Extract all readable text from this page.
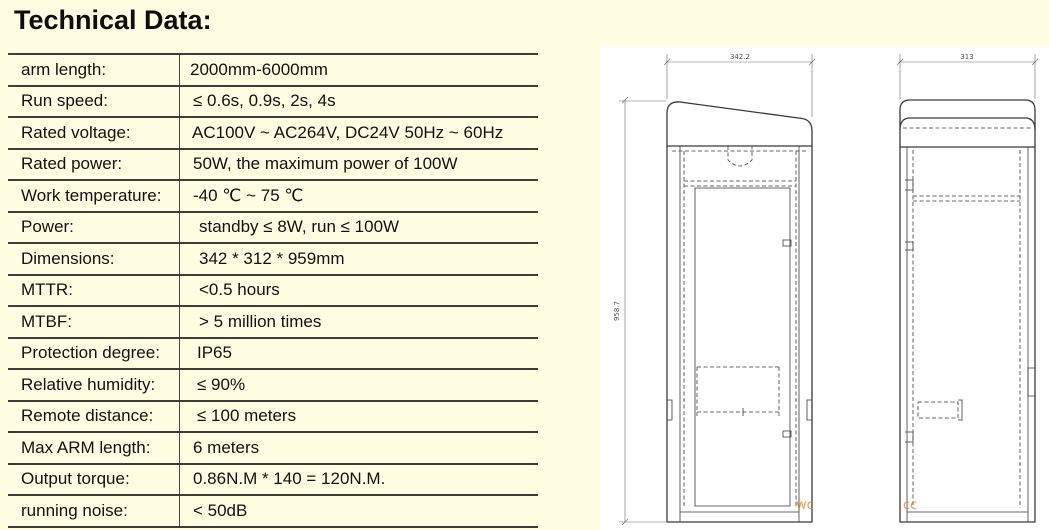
Technical Data:
arm length:	2000mm-6000mm
Run speed:	≤ 0.6s, 0.9s, 2s, 4s
Rated voltage:	AC100V ~ AC264V, DC24V 50Hz ~ 60Hz
Rated power:	50W, the maximum power of 100W
Work temperature:	-40 ℃ ~ 75 ℃
Power:	standby ≤ 8W, run ≤ 100W
Dimensions:	342 * 312 * 959mm
MTTR:	<0.5 hours
MTBF:	> 5 million times
Protection degree:	IP65
Relative humidity:	≤ 90%
Remote distance:	≤ 100 meters
Max ARM length:	6 meters
Output torque:	0.86N.M * 140 = 120N.M.
running noise:	< 50dB
342.2
958.7
wc
313
cc
